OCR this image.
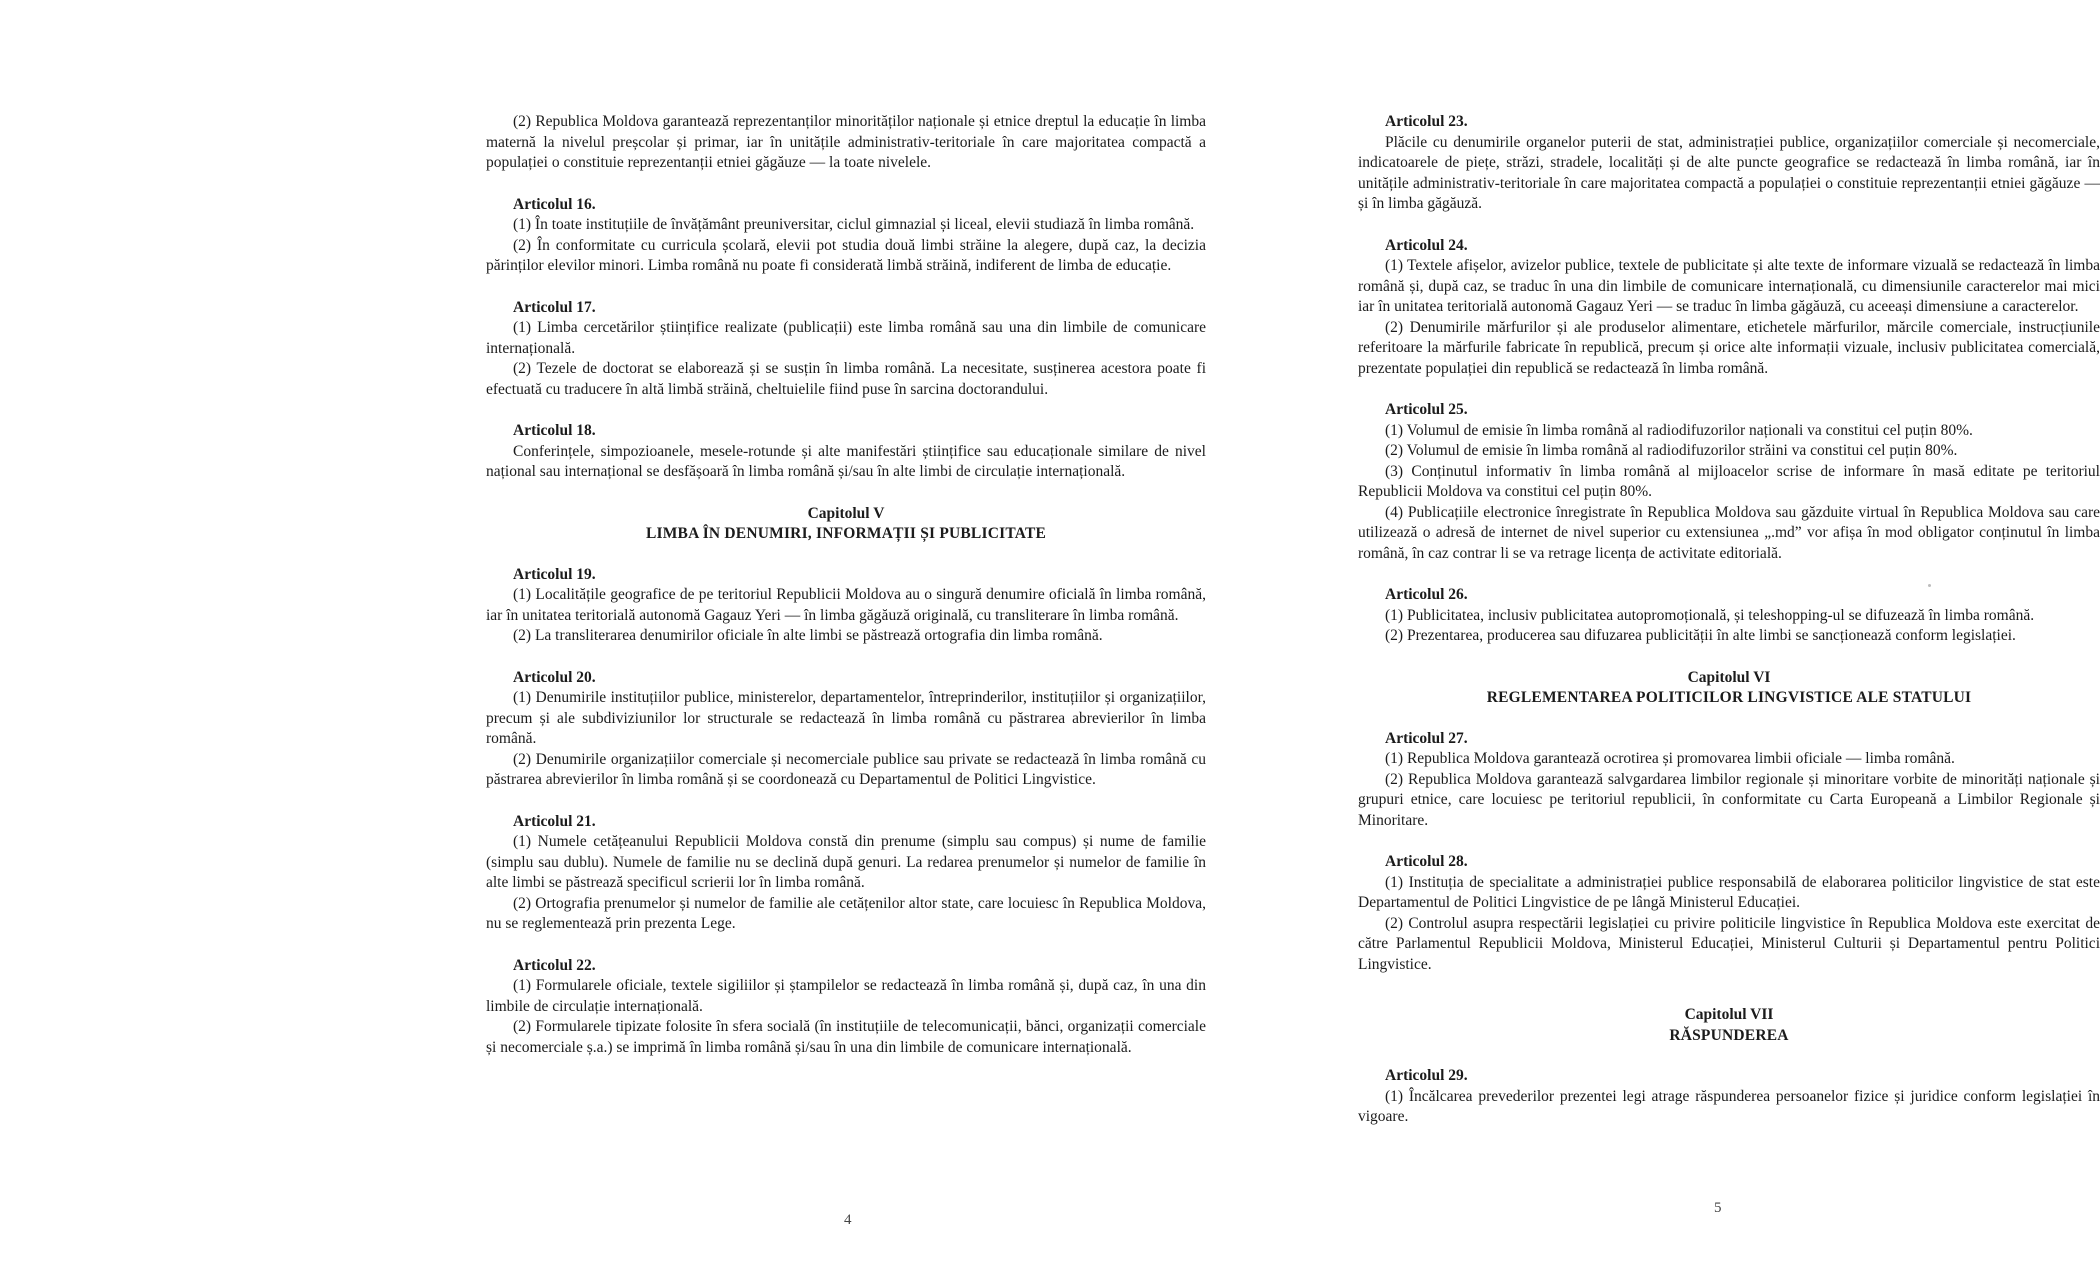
(2) Republica Moldova garantează reprezentanților minorităților naționale și etnice dreptul la educație în limba maternă la nivelul preșcolar și primar, iar în unitățile administrativ-teritoriale în care majoritatea compactă a populației o constituie reprezentanții etniei găgăuze — la toate nivelele.

Articolul 16.

(1) În toate instituțiile de învățământ preuniversitar, ciclul gimnazial și liceal, elevii studiază în limba română.

(2) În conformitate cu curricula școlară, elevii pot studia două limbi străine la alegere, după caz, la decizia părinților elevilor minori. Limba română nu poate fi considerată limbă străină, indiferent de limba de educație.

Articolul 17.

(1) Limba cercetărilor științifice realizate (publicații) este limba română sau una din limbile de comunicare internațională.

(2) Tezele de doctorat se elaborează și se susțin în limba română. La necesitate, susținerea acestora poate fi efectuată cu traducere în altă limbă străină, cheltuielile fiind puse în sarcina doctorandului.

Articolul 18.

Conferințele, simpozioanele, mesele-rotunde și alte manifestări științifice sau educaționale similare de nivel național sau internațional se desfășoară în limba română și/sau în alte limbi de circulație internațională.

Capitolul V

LIMBA ÎN DENUMIRI, INFORMAȚII ȘI PUBLICITATE

Articolul 19.

(1) Localitățile geografice de pe teritoriul Republicii Moldova au o singură denumire oficială în limba română, iar în unitatea teritorială autonomă Gagauz Yeri — în limba găgăuză originală, cu transliterare în limba română.

(2) La transliterarea denumirilor oficiale în alte limbi se păstrează ortografia din limba română.

Articolul 20.

(1) Denumirile instituțiilor publice, ministerelor, departamentelor, întreprinderilor, instituțiilor și organizațiilor, precum și ale subdiviziunilor lor structurale se redactează în limba română cu păstrarea abrevierilor în limba română.

(2) Denumirile organizațiilor comerciale și necomerciale publice sau private se redactează în limba română cu păstrarea abrevierilor în limba română și se coordonează cu Departamentul de Politici Lingvistice.

Articolul 21.

(1) Numele cetățeanului Republicii Moldova constă din prenume (simplu sau compus) și nume de familie (simplu sau dublu). Numele de familie nu se declină după genuri. La redarea prenumelor și numelor de familie în alte limbi se păstrează specificul scrierii lor în limba română.

(2) Ortografia prenumelor și numelor de familie ale cetățenilor altor state, care locuiesc în Republica Moldova, nu se reglementează prin prezenta Lege.

Articolul 22.

(1) Formularele oficiale, textele sigiliilor și ștampilelor se redactează în limba română și, după caz, în una din limbile de circulație internațională.

(2) Formularele tipizate folosite în sfera socială (în instituțiile de telecomunicații, bănci, organizații comerciale și necomerciale ș.a.) se imprimă în limba română și/sau în una din limbile de comunicare internațională.

4

Articolul 23.

Plăcile cu denumirile organelor puterii de stat, administrației publice, organizațiilor comerciale și necomerciale, indicatoarele de piețe, străzi, stradele, localități și de alte puncte geografice se redactează în limba română, iar în unitățile administrativ-teritoriale în care majoritatea compactă a populației o constituie reprezentanții etniei găgăuze — și în limba găgăuză.

Articolul 24.

(1) Textele afișelor, avizelor publice, textele de publicitate și alte texte de informare vizuală se redactează în limba română și, după caz, se traduc în una din limbile de comunicare internațională, cu dimensiunile caracterelor mai mici iar în unitatea teritorială autonomă Gagauz Yeri — se traduc în limba găgăuză, cu aceeași dimensiune a caracterelor.

(2) Denumirile mărfurilor și ale produselor alimentare, etichetele mărfurilor, mărcile comerciale, instrucțiunile referitoare la mărfurile fabricate în republică, precum și orice alte informații vizuale, inclusiv publicitatea comercială, prezentate populației din republică se redactează în limba română.

Articolul 25.

(1) Volumul de emisie în limba română al radiodifuzorilor naționali va constitui cel puțin 80%.

(2) Volumul de emisie în limba română al radiodifuzorilor străini va constitui cel puțin 80%.

(3) Conținutul informativ în limba română al mijloacelor scrise de informare în masă editate pe teritoriul Republicii Moldova va constitui cel puțin 80%.

(4) Publicațiile electronice înregistrate în Republica Moldova sau găzduite virtual în Republica Moldova sau care utilizează o adresă de internet de nivel superior cu extensiunea „.md” vor afișa în mod obligator conținutul în limba română, în caz contrar li se va retrage licența de activitate editorială.

Articolul 26.

(1) Publicitatea, inclusiv publicitatea autopromoțională, și teleshopping-ul se difuzează în limba română.

(2) Prezentarea, producerea sau difuzarea publicității în alte limbi se sancționează conform legislației.

Capitolul VI

REGLEMENTAREA POLITICILOR LINGVISTICE ALE STATULUI

Articolul 27.

(1) Republica Moldova garantează ocrotirea și promovarea limbii oficiale — limba română.

(2) Republica Moldova garantează salvgardarea limbilor regionale și minoritare vorbite de minorități naționale și grupuri etnice, care locuiesc pe teritoriul republicii, în conformitate cu Carta Europeană a Limbilor Regionale și Minoritare.

Articolul 28.

(1) Instituția de specialitate a administrației publice responsabilă de elaborarea politicilor lingvistice de stat este Departamentul de Politici Lingvistice de pe lângă Ministerul Educației.

(2) Controlul asupra respectării legislației cu privire politicile lingvistice în Republica Moldova este exercitat de către Parlamentul Republicii Moldova, Ministerul Educației, Ministerul Culturii și Departamentul pentru Politici Lingvistice.

Capitolul VII

RĂSPUNDEREA

Articolul 29.

(1) Încălcarea prevederilor prezentei legi atrage răspunderea persoanelor fizice și juridice conform legislației în vigoare.

5
